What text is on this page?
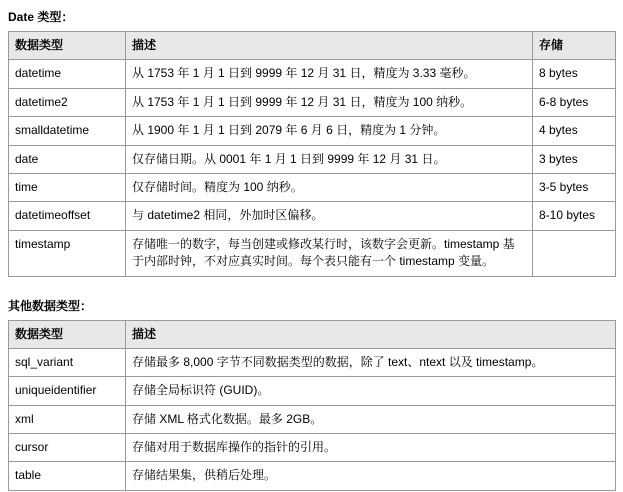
Date 类型：
数据类型	描述	存储
datetime	从 1753 年 1 月 1 日到 9999 年 12 月 31 日，精度为 3.33 毫秒。	8 bytes
datetime2	从 1753 年 1 月 1 日到 9999 年 12 月 31 日，精度为 100 纳秒。	6-8 bytes
smalldatetime	从 1900 年 1 月 1 日到 2079 年 6 月 6 日，精度为 1 分钟。	4 bytes
date	仅存储日期。从 0001 年 1 月 1 日到 9999 年 12 月 31 日。	3 bytes
time	仅存储时间。精度为 100 纳秒。	3-5 bytes
datetimeoffset	与 datetime2 相同，外加时区偏移。	8-10 bytes
timestamp	存储唯一的数字，每当创建或修改某行时，该数字会更新。timestamp 基于内部时钟，不对应真实时间。每个表只能有一个 timestamp 变量。	
其他数据类型：
数据类型	描述
sql_variant	存储最多 8,000 字节不同数据类型的数据，除了 text、ntext 以及 timestamp。
uniqueidentifier	存储全局标识符 (GUID)。
xml	存储 XML 格式化数据。最多 2GB。
cursor	存储对用于数据库操作的指针的引用。
table	存储结果集，供稍后处理。
